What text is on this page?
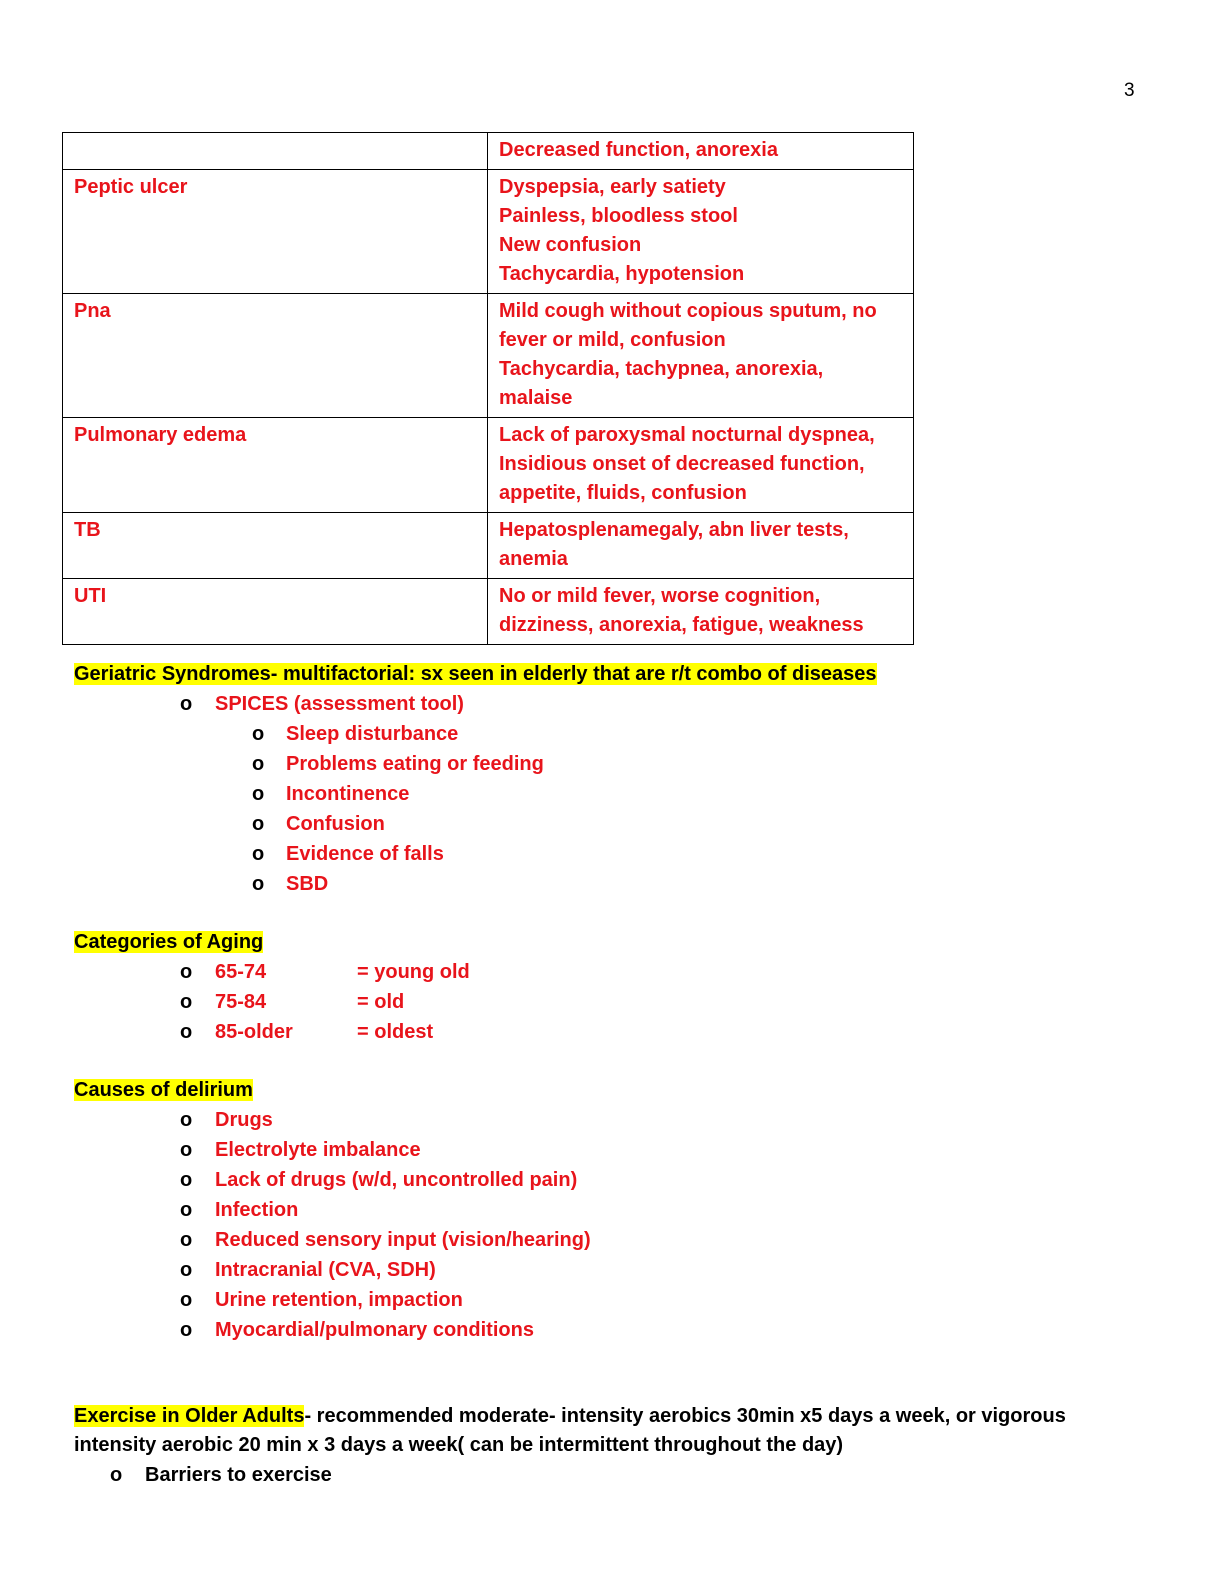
3

	Decreased function, anorexia

Peptic ulcer	Dyspepsia, early satiety
Painless, bloodless stool
New confusion
Tachycardia, hypotension

Pna	Mild cough without copious sputum, no
fever or mild, confusion
Tachycardia, tachypnea, anorexia,
malaise

Pulmonary edema	Lack of paroxysmal nocturnal dyspnea,
Insidious onset of decreased function,
appetite, fluids, confusion

TB	Hepatosplenamegaly, abn liver tests,
anemia

UTI	No or mild fever, worse cognition,
dizziness, anorexia, fatigue, weakness
Geriatric Syndromes- multifactorial: sx seen in elderly that are r/t combo of diseases
o SPICES (assessment tool)
o Sleep disturbance
o Problems eating or feeding
o Incontinence
o Confusion
o Evidence of falls
o SBD
Categories of Aging
o 65-74	= young old
o 75-84	= old
o 85-older	= oldest
Causes of delirium
o Drugs
o Electrolyte imbalance
o Lack of drugs (w/d, uncontrolled pain)
o Infection
o Reduced sensory input (vision/hearing)
o Intracranial (CVA, SDH)
o Urine retention, impaction
o Myocardial/pulmonary conditions
Exercise in Older Adults- recommended moderate- intensity aerobics 30min x5 days a week, or vigorous intensity aerobic 20 min x 3 days a week( can be intermittent throughout the day)
o Barriers to exercise
